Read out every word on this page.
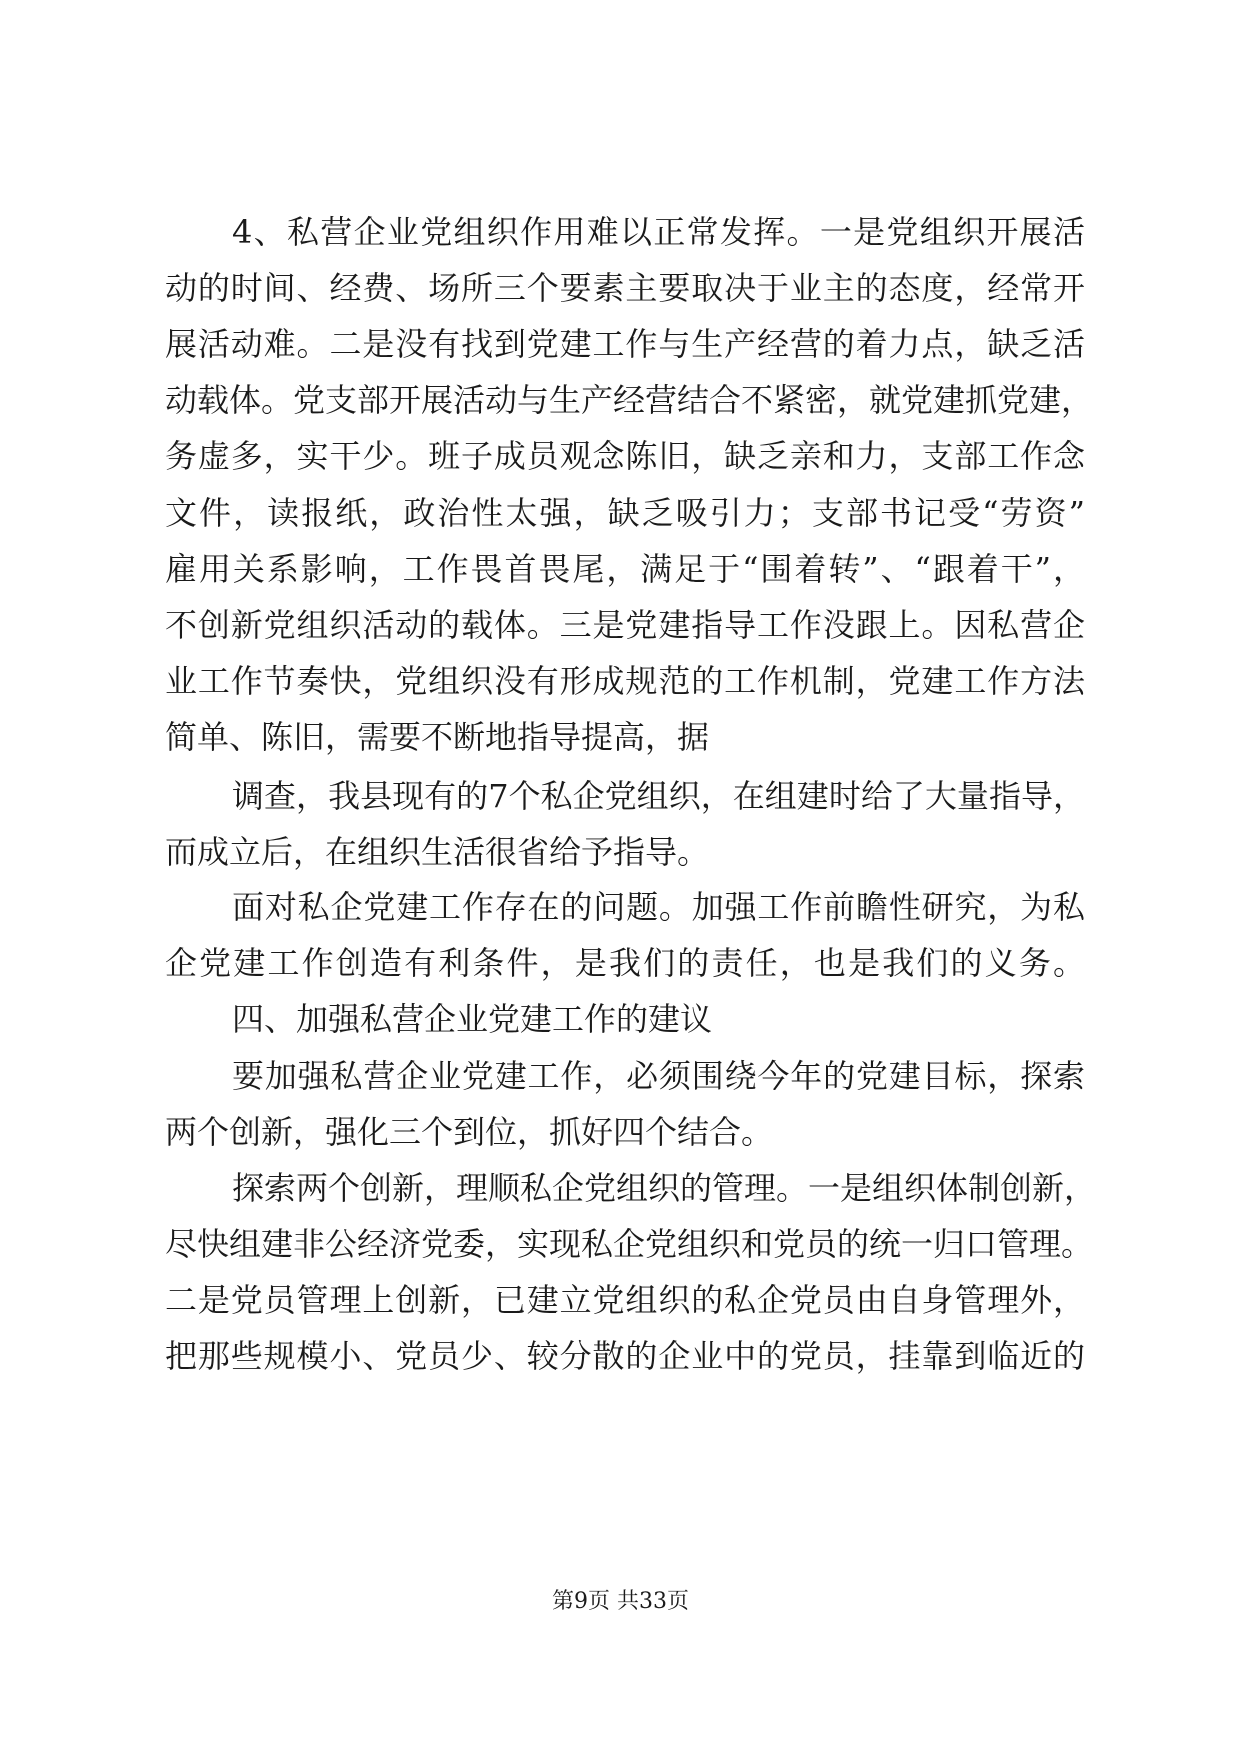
4、私营企业党组织作用难以正常发挥。一是党组织开展活
动的时间、经费、场所三个要素主要取决于业主的态度，经常开
展活动难。二是没有找到党建工作与生产经营的着力点，缺乏活
动载体。党支部开展活动与生产经营结合不紧密，就党建抓党建，
务虚多，实干少。班子成员观念陈旧，缺乏亲和力，支部工作念
文件，读报纸，政治性太强，缺乏吸引力；支部书记受“劳资”
雇用关系影响，工作畏首畏尾，满足于“围着转”、“跟着干”，
不创新党组织活动的载体。三是党建指导工作没跟上。因私营企
业工作节奏快，党组织没有形成规范的工作机制，党建工作方法
简单、陈旧，需要不断地指导提高，据
调查，我县现有的7个私企党组织，在组建时给了大量指导，
而成立后，在组织生活很省给予指导。
面对私企党建工作存在的问题。加强工作前瞻性研究，为私
企党建工作创造有利条件，是我们的责任，也是我们的义务。
四、加强私营企业党建工作的建议
要加强私营企业党建工作，必须围绕今年的党建目标，探索
两个创新，强化三个到位，抓好四个结合。
探索两个创新，理顺私企党组织的管理。一是组织体制创新，
尽快组建非公经济党委，实现私企党组织和党员的统一归口管理。
二是党员管理上创新，已建立党组织的私企党员由自身管理外，
把那些规模小、党员少、较分散的企业中的党员，挂靠到临近的
第9页 共33页
